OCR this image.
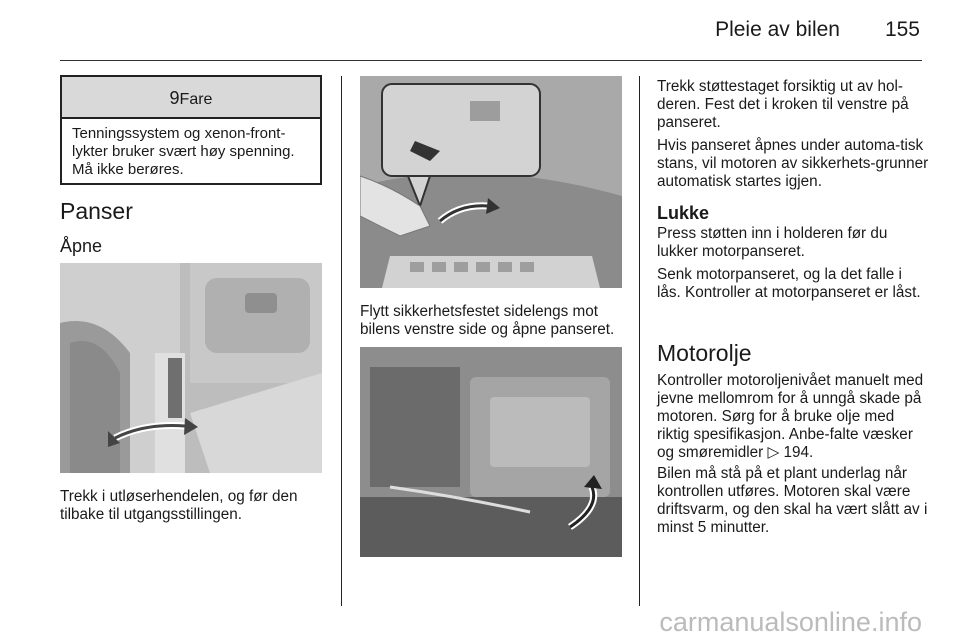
Pleie av bilen 155
9Fare
Tenningssystem og xenon-front-lykter bruker svært høy spenning. Må ikke berøres.
Panser
Åpne
Trekk i utløserhendelen, og før den tilbake til utgangsstillingen.
Flytt sikkerhetsfestet sidelengs mot bilens venstre side og åpne panseret.
Trekk støttestaget forsiktig ut av hol-deren. Fest det i kroken til venstre på panseret.
Hvis panseret åpnes under automa-tisk stans, vil motoren av sikkerhets-grunner automatisk startes igjen.
Lukke
Press støtten inn i holderen før du lukker motorpanseret.
Senk motorpanseret, og la det falle i lås. Kontroller at motorpanseret er låst.
Motorolje
Kontroller motoroljenivået manuelt med jevne mellomrom for å unngå skade på motoren. Sørg for å bruke olje med riktig spesifikasjon. Anbe-falte væsker og smøremidler ▷ 194.
Bilen må stå på et plant underlag når kontrollen utføres. Motoren skal være driftsvarm, og den skal ha vært slått av i minst 5 minutter.
carmanualsonline.info
